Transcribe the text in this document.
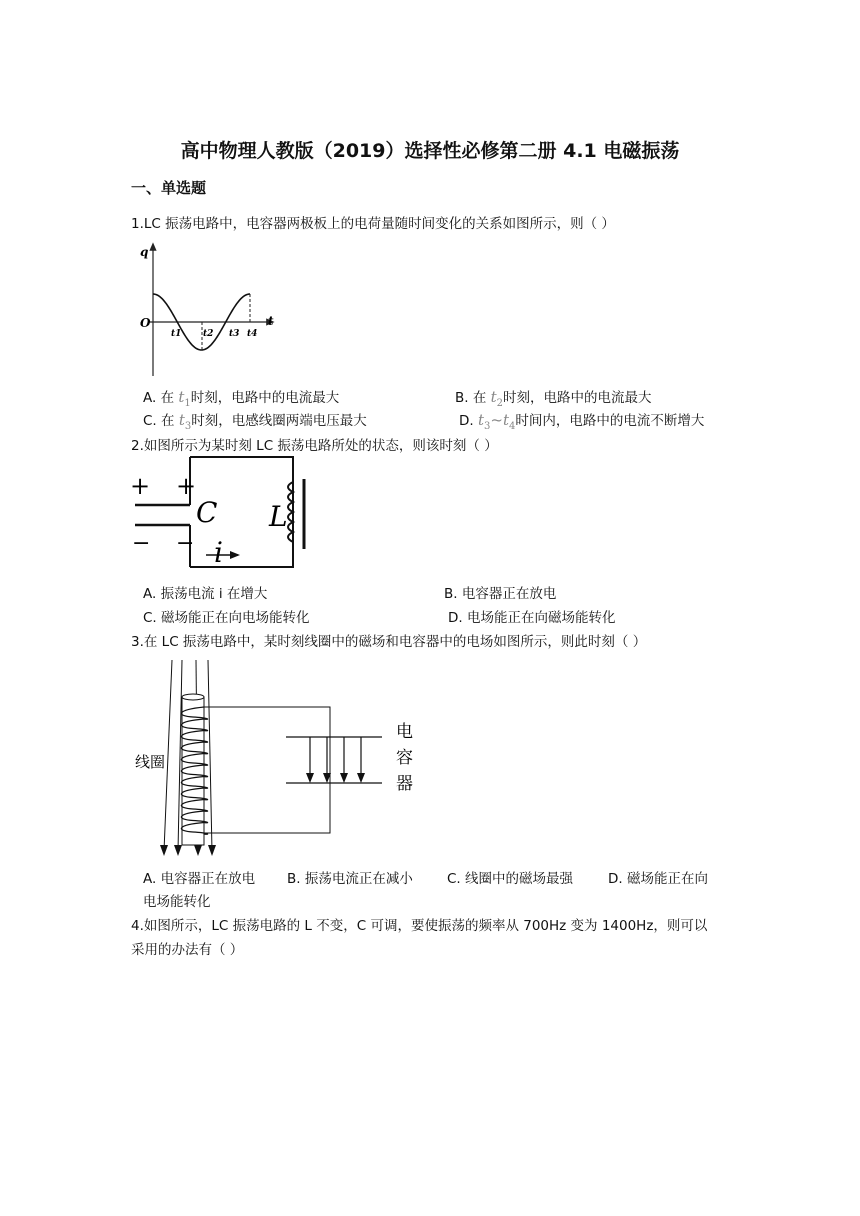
高中物理人教版（2019）选择性必修第二册 4.1 电磁振荡
一、单选题
1.LC 振荡电路中，电容器两极板上的电荷量随时间变化的关系如图所示，则（ ）
q
t
O
t1 t2 t3 t4
A. 在 $t_1$时刻，电路中的电流最大	B. 在 $t_2$时刻，电路中的电流最大
C. 在 $t_3$时刻，电感线圈两端电压最大	D. $t_3\sim t_4$时间内，电路中的电流不断增大
2.如图所示为某时刻 LC 振荡电路所处的状态，则该时刻（ ）
+ +
− −
C L
i
A. 振荡电流 i 在增大	B. 电容器正在放电
C. 磁场能正在向电场能转化	D. 电场能正在向磁场能转化
3.在 LC 振荡电路中，某时刻线圈中的磁场和电容器中的电场如图所示，则此时刻（ ）
线圈
电
容
器
A. 电容器正在放电 B. 振荡电流正在减小	C. 线圈中的磁场最强	D. 磁场能正在向
电场能转化
4.如图所示，LC 振荡电路的 L 不变，C 可调，要使振荡的频率从 700Hz 变为 1400Hz，则可以
采用的办法有（ ）
